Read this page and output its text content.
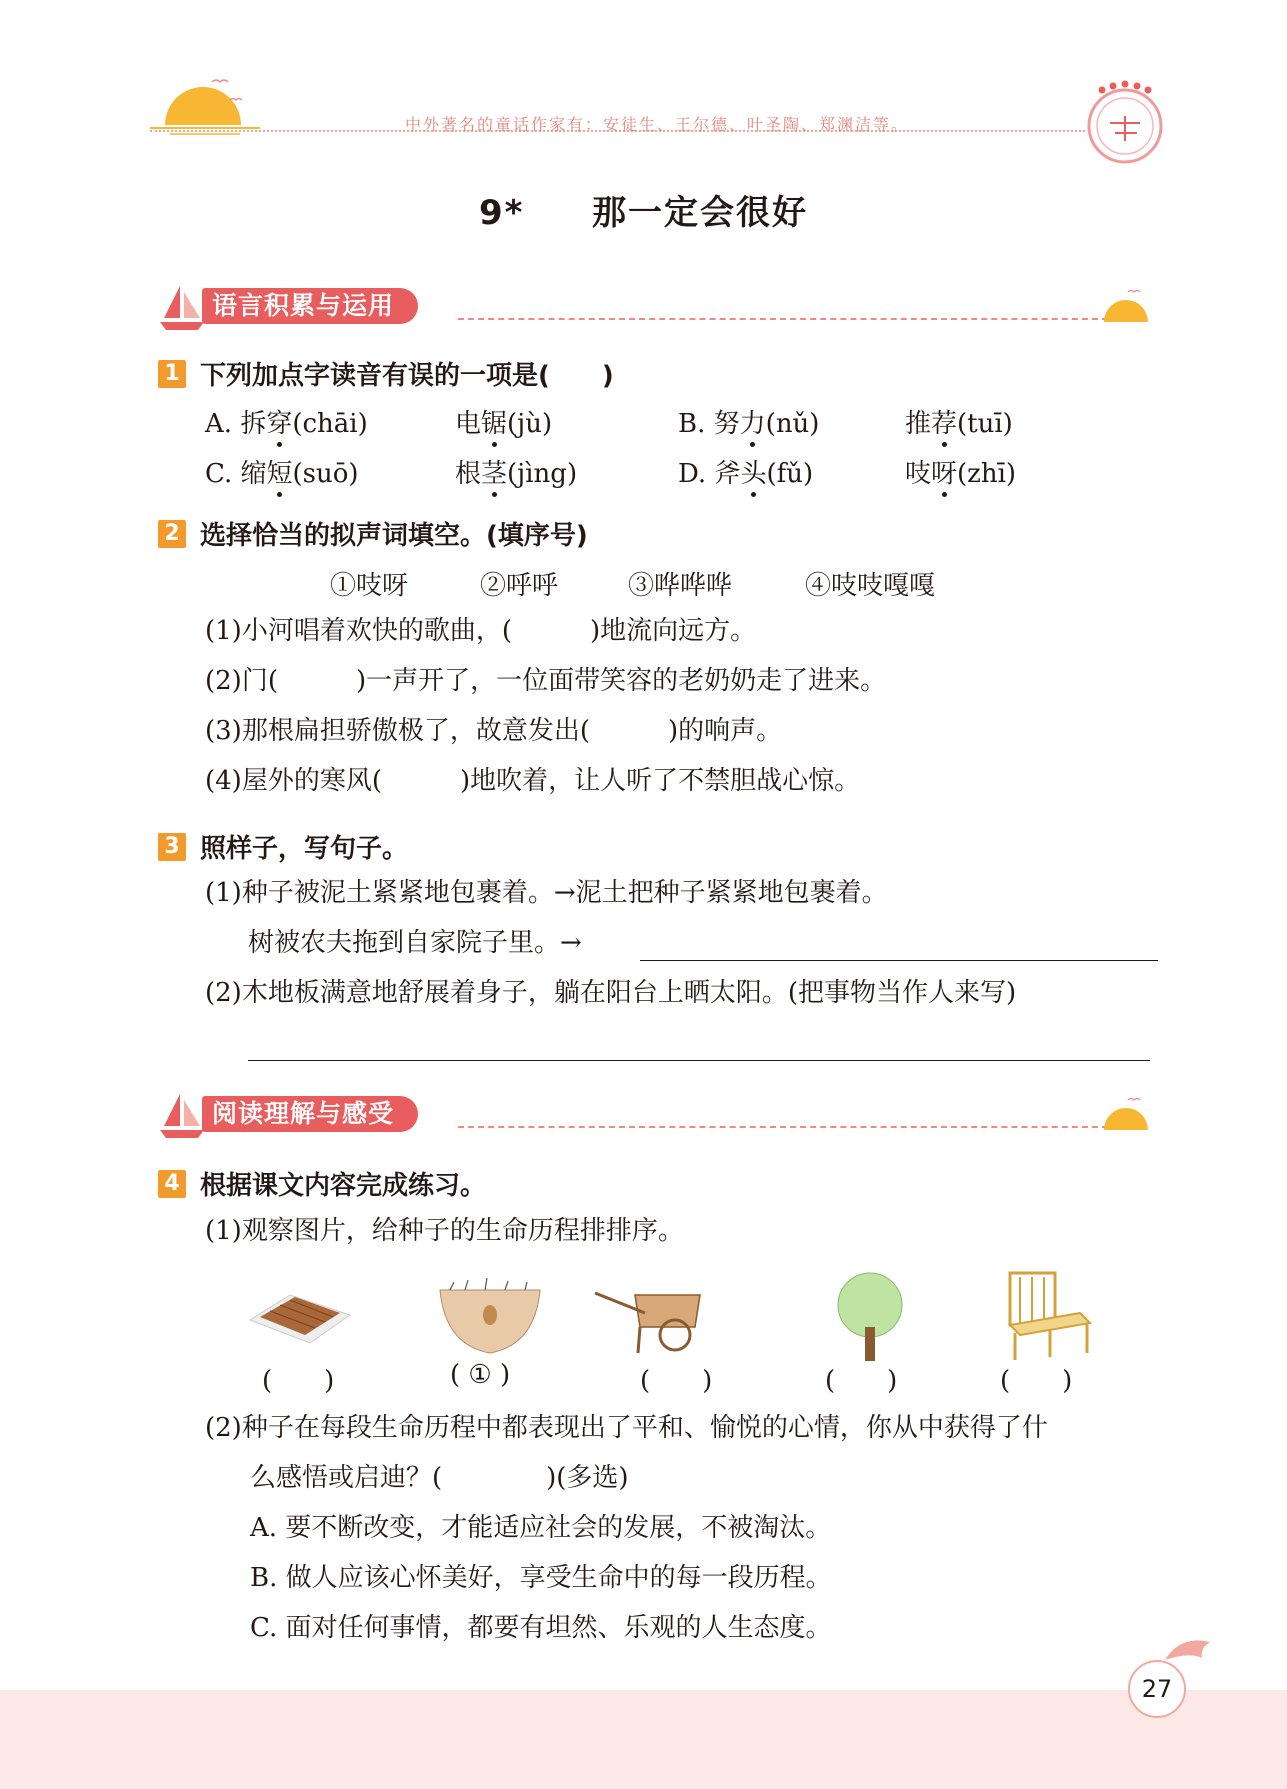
中外著名的童话作家有：安徒生、王尔德、叶圣陶、郑渊洁等。
9* 那一定会很好
语言积累与运用
1 下列加点字读音有误的一项是(　　)
A. 拆穿(chāi)	电锯(jù)	B. 努力(nǔ)	推荐(tuī)
C. 缩短(suō)	根茎(jìng)	D. 斧头(fǔ)	吱呀(zhī)
2 选择恰当的拟声词填空。(填序号)
①吱呀	②呼呼	③哗哗哗	④吱吱嘎嘎
(1)小河唱着欢快的歌曲，(　　　)地流向远方。
(2)门(　　　)一声开了，一位面带笑容的老奶奶走了进来。
(3)那根扁担骄傲极了，故意发出(　　　)的响声。
(4)屋外的寒风(　　　)地吹着，让人听了不禁胆战心惊。
3 照样子，写句子。
(1)种子被泥土紧紧地包裹着。→泥土把种子紧紧地包裹着。
树被农夫拖到自家院子里。→
(2)木地板满意地舒展着身子，躺在阳台上晒太阳。(把事物当作人来写)
阅读理解与感受
4 根据课文内容完成练习。
(1)观察图片，给种子的生命历程排排序。
(　　)	( ① )	(　　)	(　　)	(　　)
(2)种子在每段生命历程中都表现出了平和、愉悦的心情，你从中获得了什
么感悟或启迪？(　　　　)(多选)
A. 要不断改变，才能适应社会的发展，不被淘汰。
B. 做人应该心怀美好，享受生命中的每一段历程。
C. 面对任何事情，都要有坦然、乐观的人生态度。
27
